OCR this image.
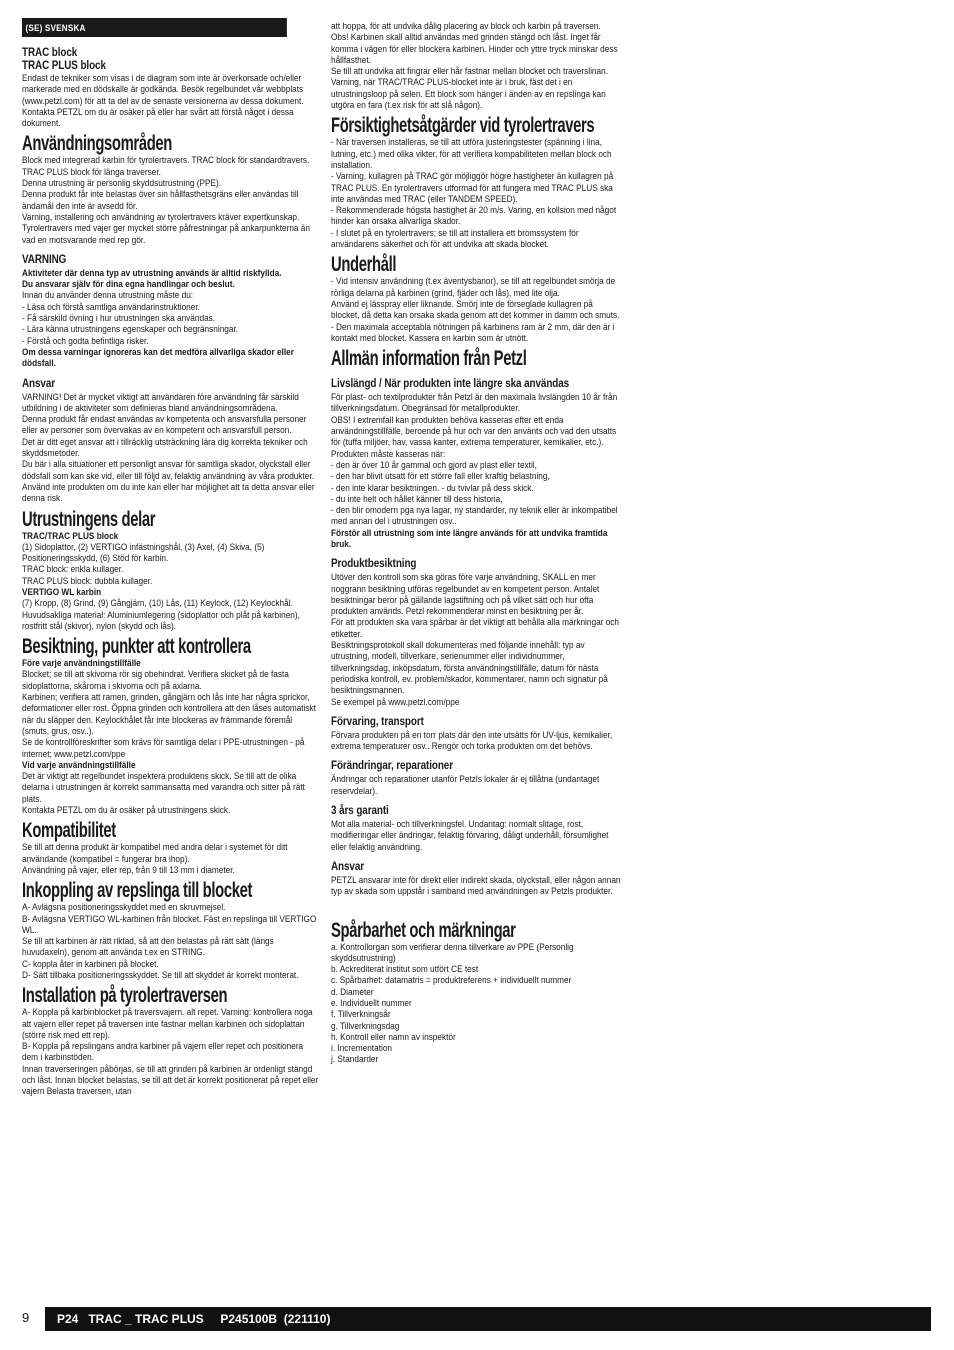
(SE) SVENSKA
TRAC block
TRAC PLUS block
Endast de tekniker som visas i de diagram som inte är överkorsade och/eller markerade med en dödskalle är godkända. Besök regelbundet vår webbplats (www.petzl.com) för att ta del av de senaste versionerna av dessa dokument.
Kontakta PETZL om du är osäker på eller har svårt att förstå något i dessa dokument.
Användningsområden
Block med integrerad karbin för tyrolertravers. TRAC block för standardtravers. TRAC PLUS block för länga traverser.
Denna utrustning är personlig skyddsutrustning (PPE).
Denna produkt får inte belastas över sin hållfasthetsgräns eller användas till ändamål den inte är avsedd för.
Varning, installering och användning av tyrolertravers kräver expertkunskap. Tyrolertravers med vajer ger mycket större påfrestningar på ankarpunkterna än vad en motsvarande med rep gör.
VARNING
Aktiviteter där denna typ av utrustning används är alltid riskfyllda.
Du ansvarar själv för dina egna handlingar och beslut.
Innan du använder denna utrustning måste du:
- Läsa och förstå samtliga användarinstruktioner.
- Få särskild övning i hur utrustningen ska användas.
- Lära känna utrustningens egenskaper och begränsningar.
- Förstå och godta befintliga risker.
Om dessa varningar ignoreras kan det medföra allvarliga skador eller dödsfall.
Ansvar
VARNING! Det är mycket viktigt att användaren före användning får särskild utbildning i de aktiviteter som definieras bland användningsområdena.
Denna produkt får endast användas av kompetenta och ansvarsfulla personer eller av personer som övervakas av en kompetent och ansvarsfull person.
Det är ditt eget ansvar att i tillräcklig utsträckning lära dig korrekta tekniker och skyddsmetoder.
Du bär i alla situationer ett personligt ansvar för samtliga skador, olyckstall eller dödsfall som kan ske vid, eller till följd av, felaktig användning av våra produkter. Använd inte produkten om du inte kan eller har möjlighet att ta detta ansvar eller denna risk.
Utrustningens delar
TRAC/TRAC PLUS block
(1) Sidoplattor, (2) VERTIGO infästningshål, (3) Axel, (4) Skiva, (5) Positioneringsskydd, (6) Stöd för karbin.
TRAC block: enkla kullager.
TRAC PLUS block: dubbla kullager.
VERTIGO WL karbin
(7) Kropp, (8) Grind, (9) Gångjärn, (10) Lås, (11) Keylock, (12) Keylockhål.
Huvudsakliga material: Aluminiumlegering (sidoplattor och plåt på karbinen), rostfritt stål (skivor), nylon (skydd och lås).
Besiktning, punkter att kontrollera
Före varje användningstillfälle
Blocket; se till att skivorna rör sig obehindrat. Verifiera skicket på de fasta sidoplattorna, skårorna i skivorna och på axlarna.
Karbinen; verifiera att ramen, grinden, gångjärn och lås inte har några sprickor, deformationer eller rost. Öppna grinden och kontrollera att den låses automatiskt när du släpper den. Keylockhålet får inte blockeras av främmande föremål (smuts, grus, osv..).
Se de kontrollföreskrifter som krävs för samtliga delar i PPE-utrustningen - på internet; www.petzl.com/ppe
Vid varje användningstillfälle
Det är viktigt att regelbundet inspektera produktens skick. Se till att de olika delarna i utrustningen är korrekt sammansatta med varandra och sitter på rätt plats.
Kontakta PETZL om du är osäker på utrustningens skick.
Kompatibilitet
Se till att denna produkt är kompatibel med andra delar i systemet för ditt användande (kompatibel = fungerar bra ihop).
Användning på vajer, eller rep, från 9 till 13 mm i diameter.
Inkoppling av repslinga till blocket
A- Avlägsna positioneringsskyddet med en skruvmejsel.
B- Avlägsna VERTIGO WL-karbinen från blocket. Fäst en repslinga till VERTIGO WL.
Se till att karbinen är rätt riktad, så att den belastas på rätt sätt (längs huvudaxeln), genom att använda t.ex en STRING.
C- koppla åter in karbinen på blocket.
D- Sätt tillbaka positioneringsskyddet. Se till att skyddet är korrekt monterat.
Installation på tyrolertraversen
A- Koppla på karbinblocket på traversvajern. alt repet. Varning: kontrollera noga att vajern eller repet på traversen inte fastnar mellan karbinen och sidoplattan (större risk med ett rep).
B- Koppla på repslingans andra karbiner på vajern eller repet och positionera dem i karbinstöden.
Innan traverseringen påbörjas, se till att grinden på karbinen är ordenligt stängd och låst. Innan blocket belastas, se till att det är korrekt positionerat på repet eller vajern Belasta traversen, utan
att hoppa, för att undvika dålig placering av block och karbin på traversen.
Obs! Karbinen skall alltid användas med grinden stängd och låst. Inget får komma i vägen för eller blockera karbinen. Hinder och yttre tryck minskar dess hållfasthet.
Se till att undvika att fingrar eller hår fastnar mellan blocket och traverslinan.
Varning, när TRAC/TRAC PLUS-blocket inte är i bruk, fäst det i en utrustningsloop på selen. Ett block som hänger i änden av en repslinga kan utgöra en fara (t.ex risk för att slå någon).
Försiktighetsåtgärder vid tyrolertravers
- När traversen installeras, se till att utföra justeringstester (spänning i lina, lutning, etc.) med olika vikter, för att verifiera kompabiliteten mellan block och installation.
- Varning, kullagren på TRAC gör möjliggör högre hastigheter än kullagren på TRAC PLUS. En tyrolertravers utformad för att fungera med TRAC PLUS ska inte användas med TRAC (eller TANDEM SPEED).
- Rekommenderade högsta hastighet är 20 m/s. Varing, en kollsion med något hinder kan orsaka allvarliga skador.
- I slutet på en tyrolertravers; se till att installera ett bromssystem för användarens säkerhet och för att undvika att skada blocket.
Underhåll
- Vid intensiv användning (t.ex äventysbanor), se till att regelbundet smörja de rörliga delarna på karbinen (grind, fjäder och lås), med lite olja.
Använd ej lässpray eller liknande. Smörj inte de förseglade kullagren på blocket, då detta kan orsaka skada genom att det kommer in damm och smuts.
- Den maximala acceptabla nötningen på karbinens ram är 2 mm, där den är i kontakt med blocket. Kassera en karbin som är utnött.
Allmän information från Petzl
Livslängd / När produkten inte längre ska användas
För plast- och textilprodukter från Petzl är den maximala livslängden 10 år från tillverkningsdatum. Obegränsad för metallprodukter.
OBS! I extremfall kan produkten behöva kasseras efter ett enda användningstillfälle, beroende på hur och var den använts och vad den utsatts för (tuffa miljöer, hav, vassa kanter, extrema temperaturer, kemikalier, etc.).
Produkten måste kasseras när:
- den är över 10 år gammal och gjord av plast eller textil,
- den har blivit utsatt för ett större fall eller kraftig belastning,
- den inte klarar besiktningen. - du tvivlar på dess skick.
- du inte helt och hållet känner till dess historia,
- den blir omodern pga nya lagar, ny standarder, ny teknik eller är inkompatibel med annan del i utrustningen osv..
Förstör all utrustning som inte längre används för att undvika framtida bruk.
Produktbesiktning
Utöver den kontroll som ska göras före varje användning, SKALL en mer noggrann besiktning utföras regelbundet av en kompetent person. Antalet besiktningar beror på gällande lagstiftning och på vilket sätt och hur ofta produkten används. Petzl rekommenderar minst en besiktning per år.
För att produkten ska vara spårbar är det viktigt att behålla alla märkningar och etiketter.
Besiktningsprotokoll skall dokumenteras med följande innehåll: typ av utrustning, modell, tillverkare, serienummer eller individnummer, tillverkningsdag, inköpsdatum, första användningstillfälle, datum för nästa periodiska kontroll, ev. problem/skador, kommentarer, namn och signatur på besiktningsmannen.
Se exempel på www.petzl.com/ppe
Förvaring, transport
Förvara produkten på en torr plats där den inte utsätts för UV-ljus, kemikalier, extrema temperaturer osv.. Rengör och torka produkten om det behövs.
Förändringar, reparationer
Ändringar och reparationer utanför Petzls lokaler är ej tillåtna (undantaget reservdelar).
3 års garanti
Mot alla material- och tillverkningsfel. Undantag: normalt slitage, rost, modifieringar eller ändringar, felaktig förvaring, dåligt underhåll, försumlighet eller felaktig användning.
Ansvar
PETZL ansvarar inte för direkt eller indirekt skada, olyckstall, eller någon annan typ av skada som uppstår i samband med användningen av Petzls produkter.
Spårbarhet och märkningar
a. Kontrollorgan som verifierar denna tillverkare av PPE (Personlig skyddsutrustning)
b. Ackrediterat institut som utfört CE test
c. Spårbarhet: datamatris = produktreferens + individuellt nummer
d. Diameter
e. Individuellt nummer
f. Tillverkningsår
g. Tillverkningsdag
h. Kontroll eller namn av inspektör
i. Incrementation
j. Standarder
9	P24   TRAC _ TRAC PLUS     P245100B  (221110)
